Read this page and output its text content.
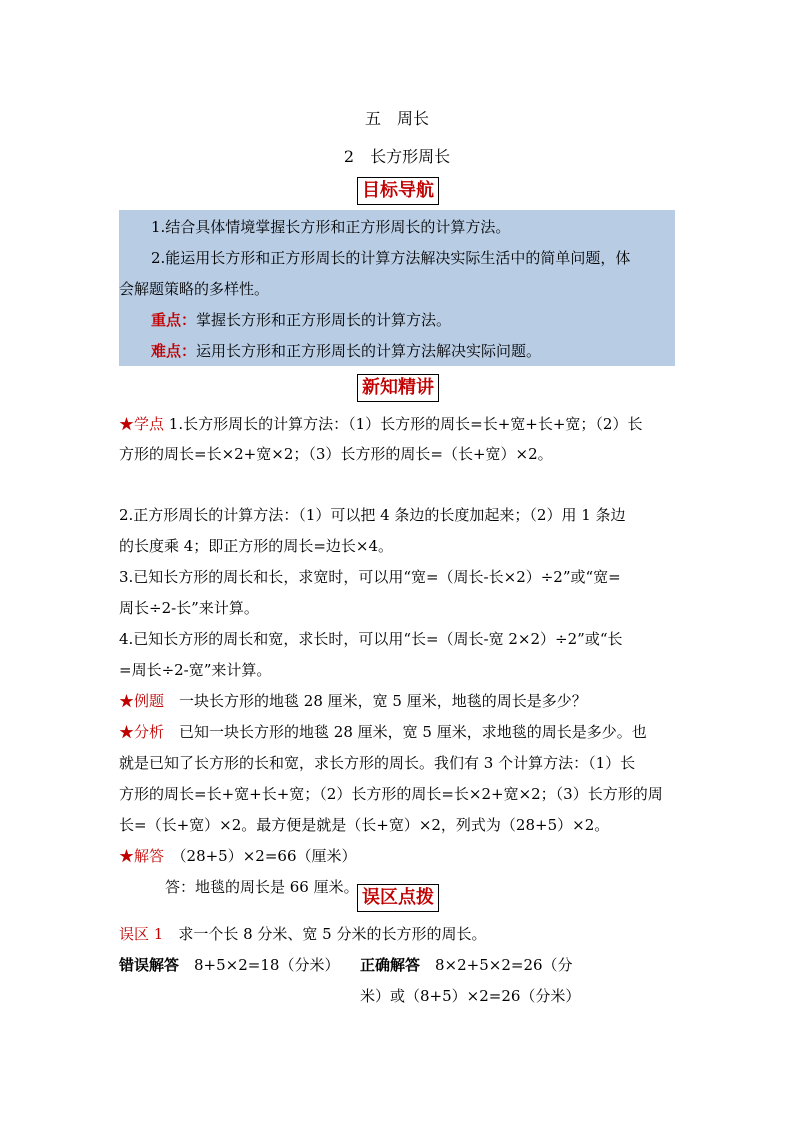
五　周长
2　长方形周长
目标导航
1.结合具体情境掌握长方形和正方形周长的计算方法。
2.能运用长方形和正方形周长的计算方法解决实际生活中的简单问题，体
会解题策略的多样性。
重点：掌握长方形和正方形周长的计算方法。
难点：运用长方形和正方形周长的计算方法解决实际问题。
新知精讲
★学点 1.长方形周长的计算方法：（1）长方形的周长=长+宽+长+宽；（2）长
方形的周长=长×2+宽×2；（3）长方形的周长=（长+宽）×2。
2.正方形周长的计算方法：（1）可以把 4 条边的长度加起来；（2）用 1 条边
的长度乘 4；即正方形的周长=边长×4。
3.已知长方形的周长和长，求宽时，可以用“宽=（周长-长×2）÷2”或“宽=
周长÷2-长”来计算。
4.已知长方形的周长和宽，求长时，可以用“长=（周长-宽 2×2）÷2”或“长
=周长÷2-宽”来计算。
★例题　一块长方形的地毯 28 厘米，宽 5 厘米，地毯的周长是多少？
★分析　已知一块长方形的地毯 28 厘米，宽 5 厘米，求地毯的周长是多少。也
就是已知了长方形的长和宽，求长方形的周长。我们有 3 个计算方法：（1）长
方形的周长=长+宽+长+宽；（2）长方形的周长=长×2+宽×2；（3）长方形的周
长=（长+宽）×2。最方便是就是（长+宽）×2，列式为（28+5）×2。
★解答　（28+5）×2=66（厘米）
答：地毯的周长是 66 厘米。 误区点拨
误区 1　求一个长 8 分米、宽 5 分米的长方形的周长。
错误解答　8+5×2=18（分米） 正确解答　8×2+5×2=26（分
米）或（8+5）×2=26（分米）
